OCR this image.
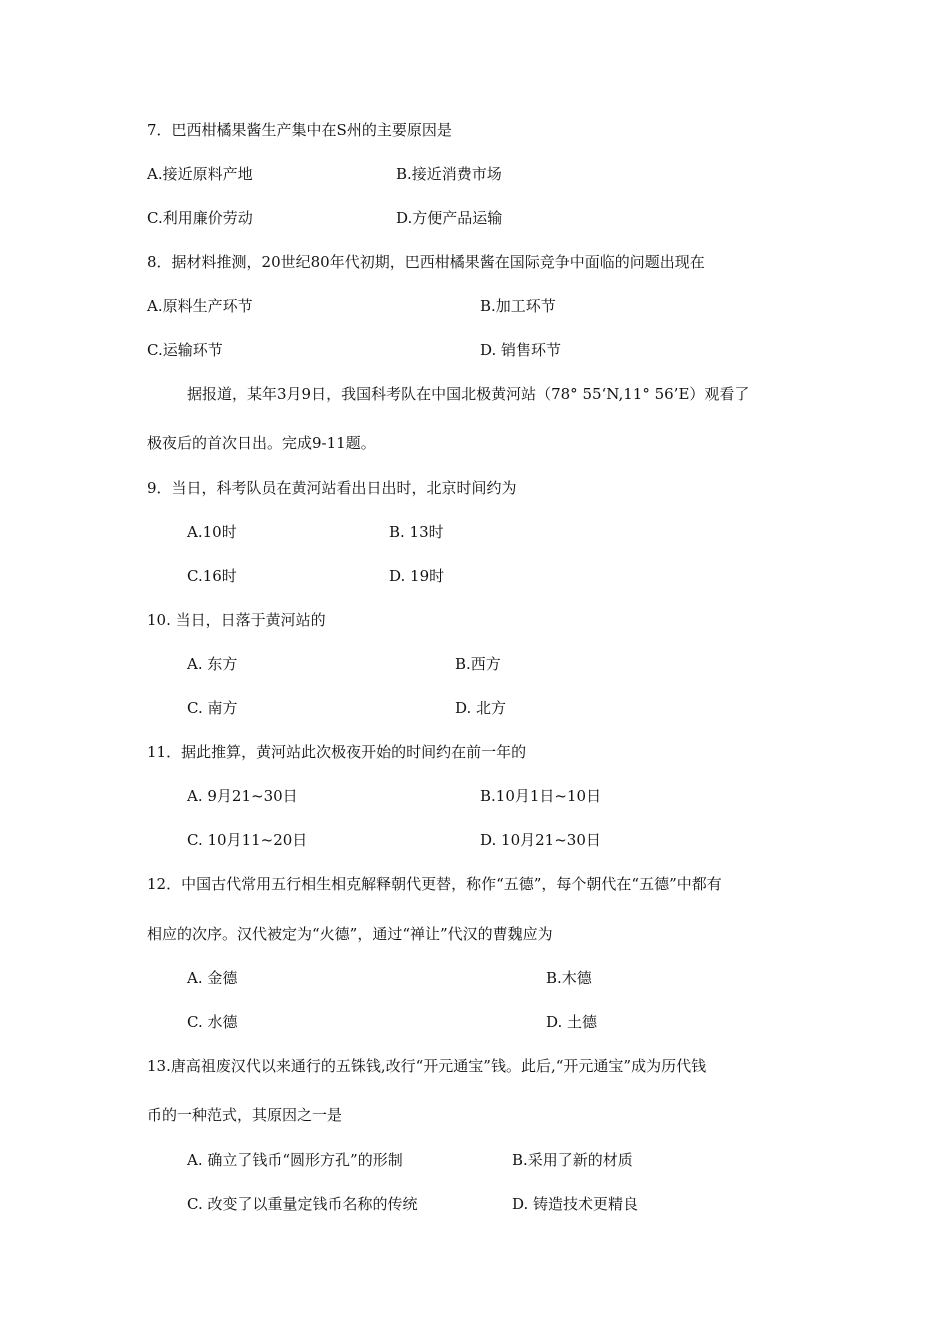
7．巴西柑橘果酱生产集中在S州的主要原因是
A.接近原料产地	B.接近消费市场
C.利用廉价劳动	D.方便产品运输
8．据材料推测，20世纪80年代初期，巴西柑橘果酱在国际竞争中面临的问题出现在
A.原料生产环节	B.加工环节
C.运输环节	D. 销售环节
据报道，某年3月9日，我国科考队在中国北极黄河站（78° 55‘N,11° 56’E）观看了
极夜后的首次日出。完成9-11题。
9．当日，科考队员在黄河站看出日出时，北京时间约为
A.10时	B. 13时
C.16时	D. 19时
10. 当日，日落于黄河站的
A. 东方	B.西方
C. 南方	D. 北方
11．据此推算，黄河站此次极夜开始的时间约在前一年的
A. 9月21~30日	B.10月1日~10日
C. 10月11~20日	D. 10月21~30日
12．中国古代常用五行相生相克解释朝代更替，称作“五德”，每个朝代在“五德”中都有
相应的次序。汉代被定为“火德”，通过“禅让”代汉的曹魏应为
A. 金德	B.木德
C. 水德	D. 土德
13.唐高祖废汉代以来通行的五铢钱,改行“开元通宝”钱。此后,“开元通宝”成为历代钱
币的一种范式，其原因之一是
A. 确立了钱币“圆形方孔”的形制	B.采用了新的材质
C. 改变了以重量定钱币名称的传统	D. 铸造技术更精良
